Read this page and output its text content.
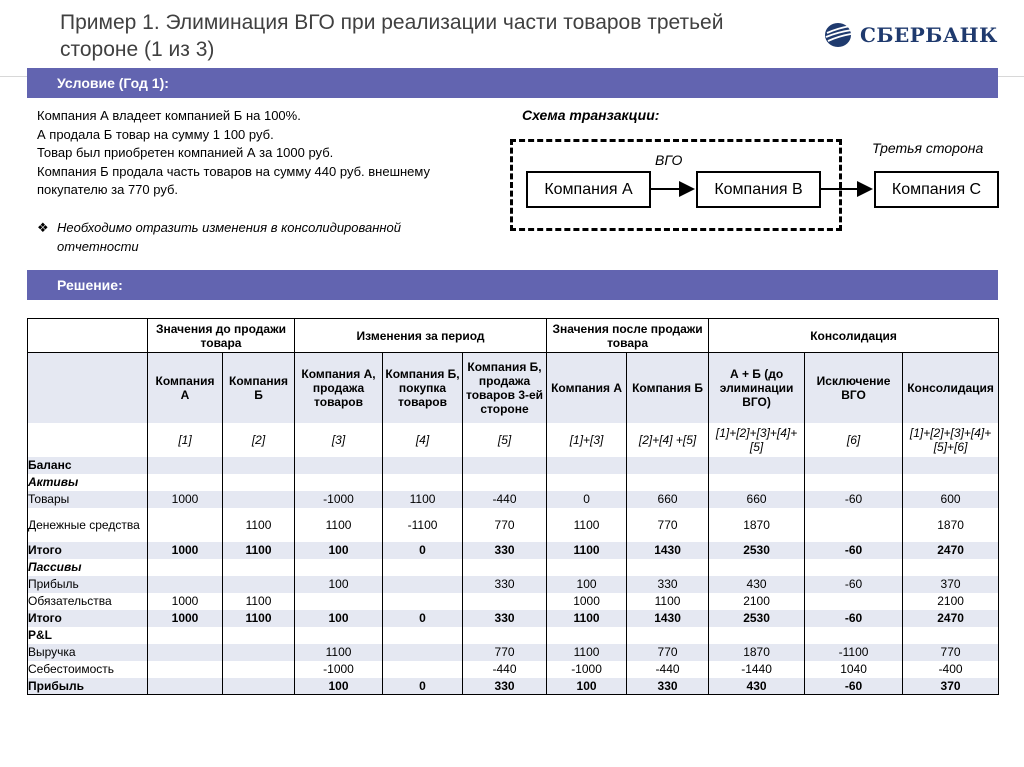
Пример 1. Элиминация ВГО при реализации части товаров третьей стороне (1 из 3)
СБЕРБАНК
Условие (Год 1):
Компания А владеет компанией Б на 100%.
А продала Б товар на сумму 1 100 руб.
Товар был приобретен компанией А за 1000 руб.
Компания Б продала часть товаров на сумму 440 руб. внешнему покупателю за 770 руб.
❖ Необходимо отразить изменения в консолидированной отчетности
Схема транзакции:
Третья сторона
ВГО
Компания А	Компания В	Компания С
Решение:
	Значения до продажи товара		Изменения за период			Значения после продажи товара		Консолидация		
	Компания А	Компания Б	Компания А, продажа товаров	Компания Б, покупка товаров	Компания Б, продажа товаров 3-ей стороне	Компания А	Компания Б	А + Б (до элиминации ВГО)	Исключение ВГО	Консолидация
	[1]	[2]	[3]	[4]	[5]	[1]+[3]	[2]+[4] +[5]	[1]+[2]+[3]+[4]+[5]	[6]	[1]+[2]+[3]+[4]+[5]+[6]
Баланс										
Активы										
Товары	1000		-1000	1100	-440	0	660	660	-60	600
Денежные средства		1100	1100	-1100	770	1100	770	1870		1870
Итого	1000	1100	100	0	330	1100	1430	2530	-60	2470
Пассивы										
Прибыль			100		330	100	330	430	-60	370
Обязательства	1000	1100				1000	1100	2100		2100
Итого	1000	1100	100	0	330	1100	1430	2530	-60	2470
P&L										
Выручка			1100		770	1100	770	1870	-1100	770
Себестоимость			-1000		-440	-1000	-440	-1440	1040	-400
Прибыль			100	0	330	100	330	430	-60	370
